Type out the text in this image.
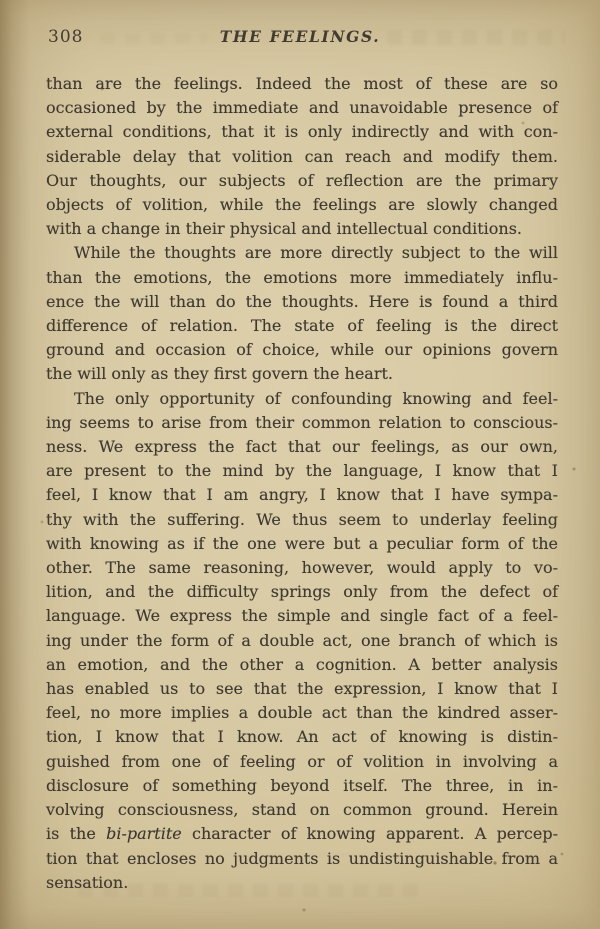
308	THE FEELINGS.
than are the feelings. Indeed the most of these are so
occasioned by the immediate and unavoidable presence of
external conditions, that it is only indirectly and with con-
siderable delay that volition can reach and modify them.
Our thoughts, our subjects of reflection are the primary
objects of volition, while the feelings are slowly changed
with a change in their physical and intellectual conditions.
While the thoughts are more directly subject to the will
than the emotions, the emotions more immediately influ-
ence the will than do the thoughts. Here is found a third
difference of relation. The state of feeling is the direct
ground and occasion of choice, while our opinions govern
the will only as they first govern the heart.
The only opportunity of confounding knowing and feel-
ing seems to arise from their common relation to conscious-
ness. We express the fact that our feelings, as our own,
are present to the mind by the language, I know that I
feel, I know that I am angry, I know that I have sympa-
thy with the suffering. We thus seem to underlay feeling
with knowing as if the one were but a peculiar form of the
other. The same reasoning, however, would apply to vo-
lition, and the difficulty springs only from the defect of
language. We express the simple and single fact of a feel-
ing under the form of a double act, one branch of which is
an emotion, and the other a cognition. A better analysis
has enabled us to see that the expression, I know that I
feel, no more implies a double act than the kindred asser-
tion, I know that I know. An act of knowing is distin-
guished from one of feeling or of volition in involving a
disclosure of something beyond itself. The three, in in-
volving consciousness, stand on common ground. Herein
is the bi-partite character of knowing apparent. A percep-
tion that encloses no judgments is undistinguishable from a
sensation.
